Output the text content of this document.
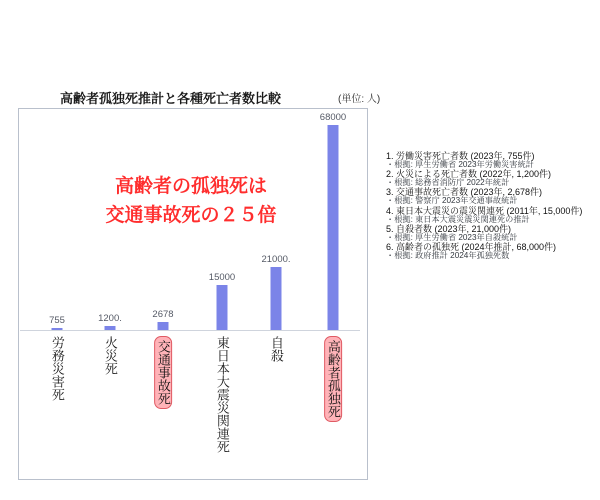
高齢者孤独死推計と各種死亡者数比較	(単位: 人)
高齢者の孤独死は
交通事故死の２５倍
755	1200.	2678
15000
21000.
68000
労務災害死	火災死	交通事故死	東日本大震災関連死	自殺	高齢者孤独死
1. 労働災害死亡者数 (2023年, 755件)
・根拠: 厚生労働省 2023年労働災害統計
2. 火災による死亡者数 (2022年, 1,200件)
・根拠: 総務省消防庁 2022年統計
3. 交通事故死亡者数 (2023年, 2,678件)
・根拠: 警察庁 2023年交通事故統計
4. 東日本大震災の震災関連死 (2011年, 15,000件)
・根拠: 東日本大震災震災関連死の推計
5. 自殺者数 (2023年, 21,000件)
・根拠: 厚生労働省 2023年自殺統計
6. 高齢者の孤独死 (2024年推計, 68,000件)
・根拠: 政府推計 2024年孤独死数
